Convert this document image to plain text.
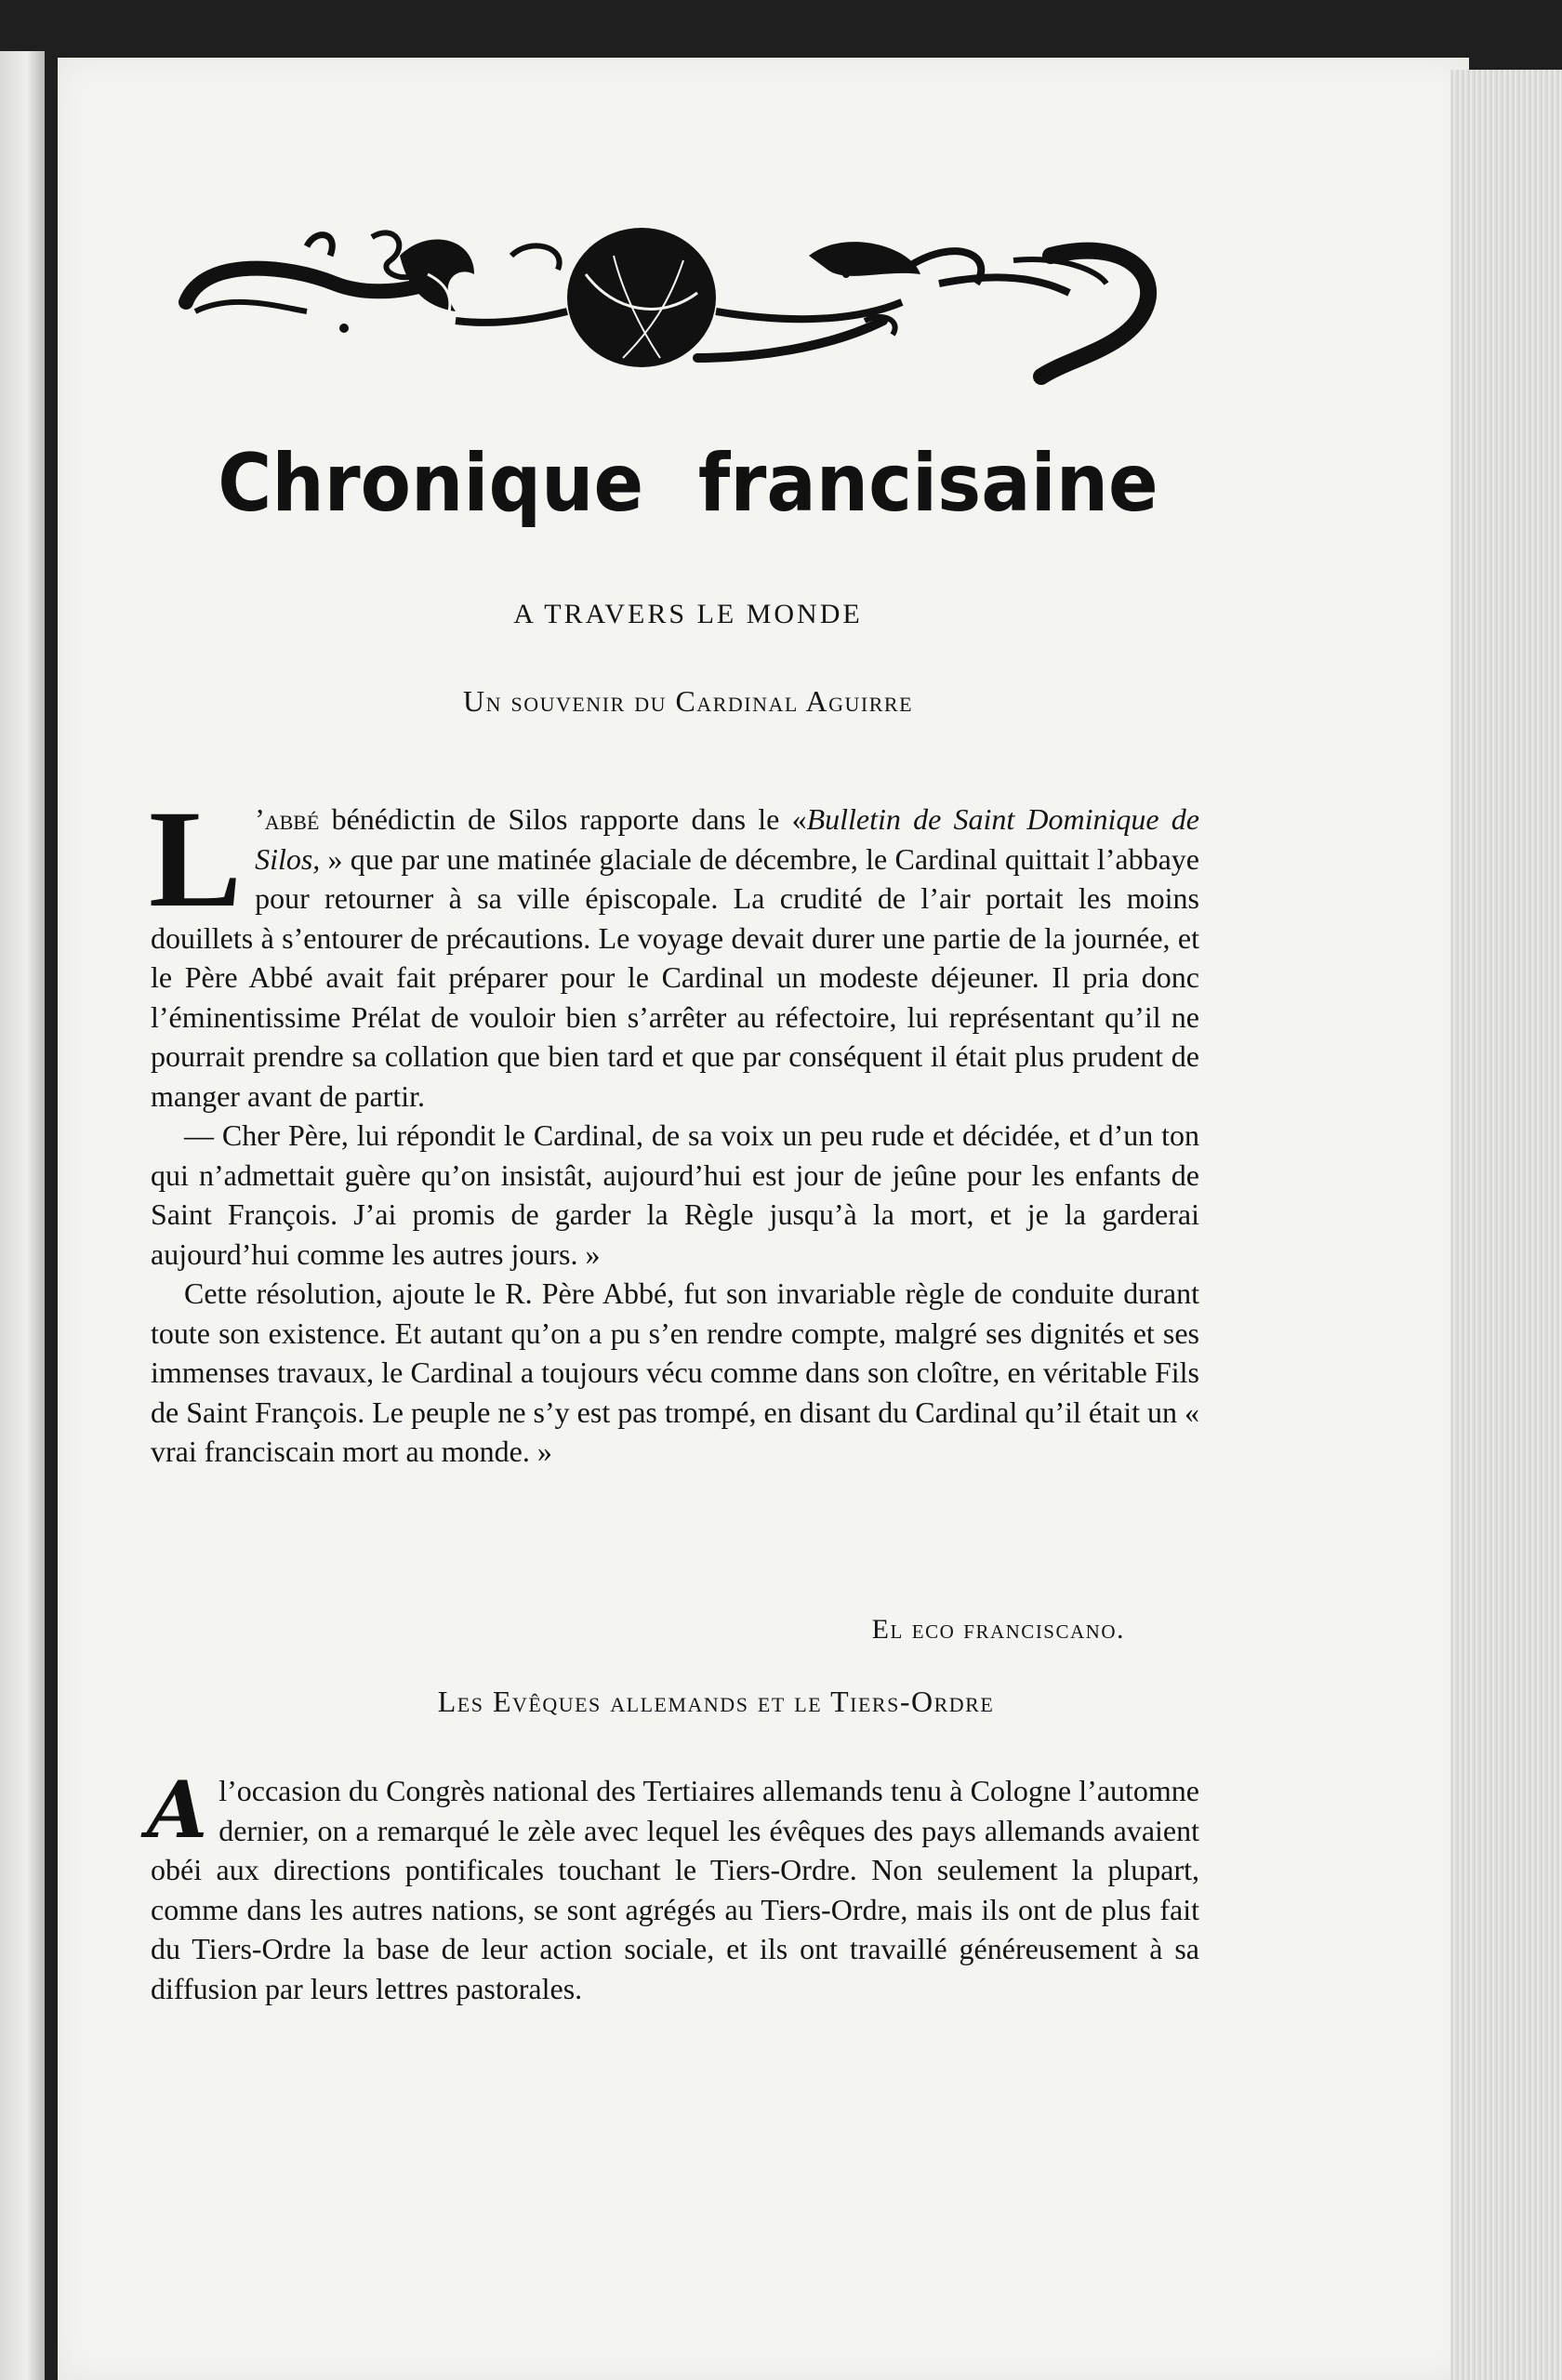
Chronique francisaine
A TRAVERS LE MONDE
Un souvenir du Cardinal Aguirre

L ’abbé bénédictin de Silos rapporte dans le «Bulletin de Saint Dominique de Silos, » que par une matinée glaciale de décembre, le Cardinal quittait l’abbaye pour retourner à sa ville épiscopale. La crudité de l’air portait les moins douillets à s’entourer de précautions. Le voyage devait durer une partie de la journée, et le Père Abbé avait fait préparer pour le Cardinal un modeste déjeuner. Il pria donc l’éminentissime Prélat de vouloir bien s’arrêter au réfectoire, lui représentant qu’il ne pourrait prendre sa collation que bien tard et que par conséquent il était plus prudent de manger avant de partir.

— Cher Père, lui répondit le Cardinal, de sa voix un peu rude et décidée, et d’un ton qui n’admettait guère qu’on insistât, aujourd’hui est jour de jeûne pour les enfants de Saint François. J’ai promis de garder la Règle jusqu’à la mort, et je la garderai aujourd’hui comme les autres jours. »

Cette résolution, ajoute le R. Père Abbé, fut son invariable règle de conduite durant toute son existence. Et autant qu’on a pu s’en rendre compte, malgré ses dignités et ses immenses travaux, le Cardinal a toujours vécu comme dans son cloître, en véritable Fils de Saint François. Le peuple ne s’y est pas trompé, en disant du Cardinal qu’il était un « vrai franciscain mort au monde. »

El eco franciscano.
Les Evêques allemands et le Tiers-Ordre

A l’occasion du Congrès national des Tertiaires allemands tenu à Cologne l’automne dernier, on a remarqué le zèle avec lequel les évêques des pays allemands avaient obéi aux directions pontificales touchant le Tiers-Ordre. Non seulement la plupart, comme dans les autres nations, se sont agrégés au Tiers-Ordre, mais ils ont de plus fait du Tiers-Ordre la base de leur action sociale, et ils ont travaillé généreusement à sa diffusion par leurs lettres pastorales.
